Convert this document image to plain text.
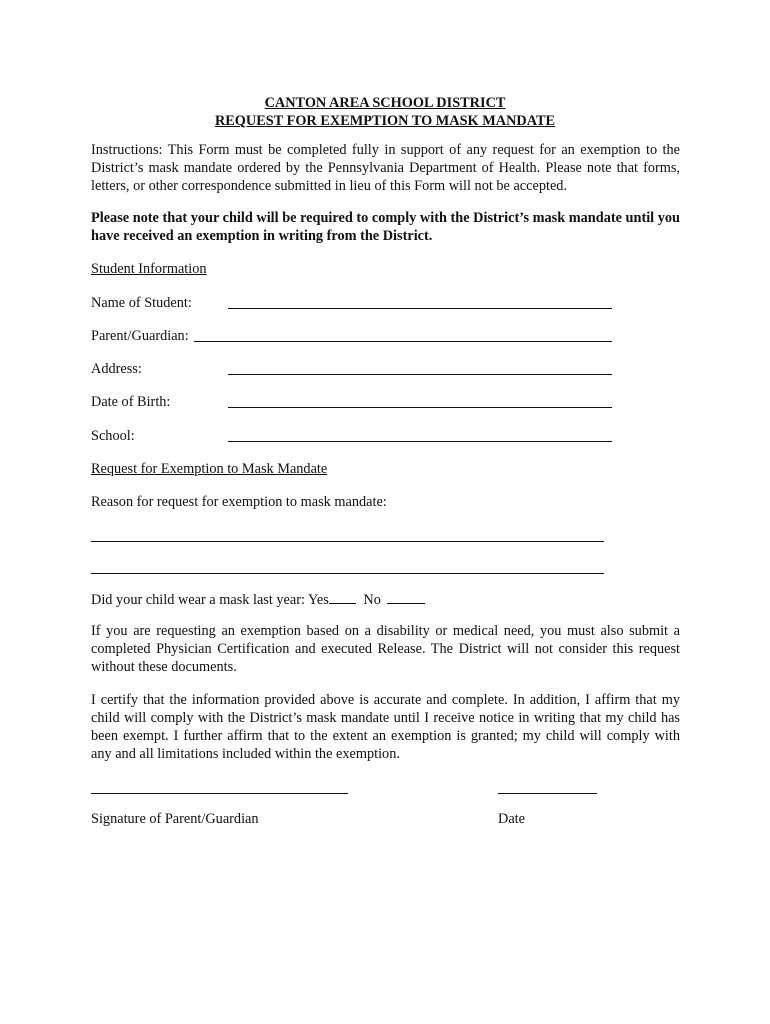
CANTON AREA SCHOOL DISTRICT
REQUEST FOR EXEMPTION TO MASK MANDATE

Instructions: This Form must be completed fully in support of any request for an exemption to the District’s mask mandate ordered by the Pennsylvania Department of Health. Please note that forms, letters, or other correspondence submitted in lieu of this Form will not be accepted.

Please note that your child will be required to comply with the District’s mask mandate until you have received an exemption in writing from the District.

Student Information
Name of Student:
Parent/Guardian:
Address:
Date of Birth:
School:
Request for Exemption to Mask Mandate
Reason for request for exemption to mask mandate:
Did your child wear a mask last year: Yes No

If you are requesting an exemption based on a disability or medical need, you must also submit a completed Physician Certification and executed Release. The District will not consider this request without these documents.

I certify that the information provided above is accurate and complete. In addition, I affirm that my child will comply with the District’s mask mandate until I receive notice in writing that my child has been exempt. I further affirm that to the extent an exemption is granted; my child will comply with any and all limitations included within the exemption.

Signature of Parent/Guardian	Date
